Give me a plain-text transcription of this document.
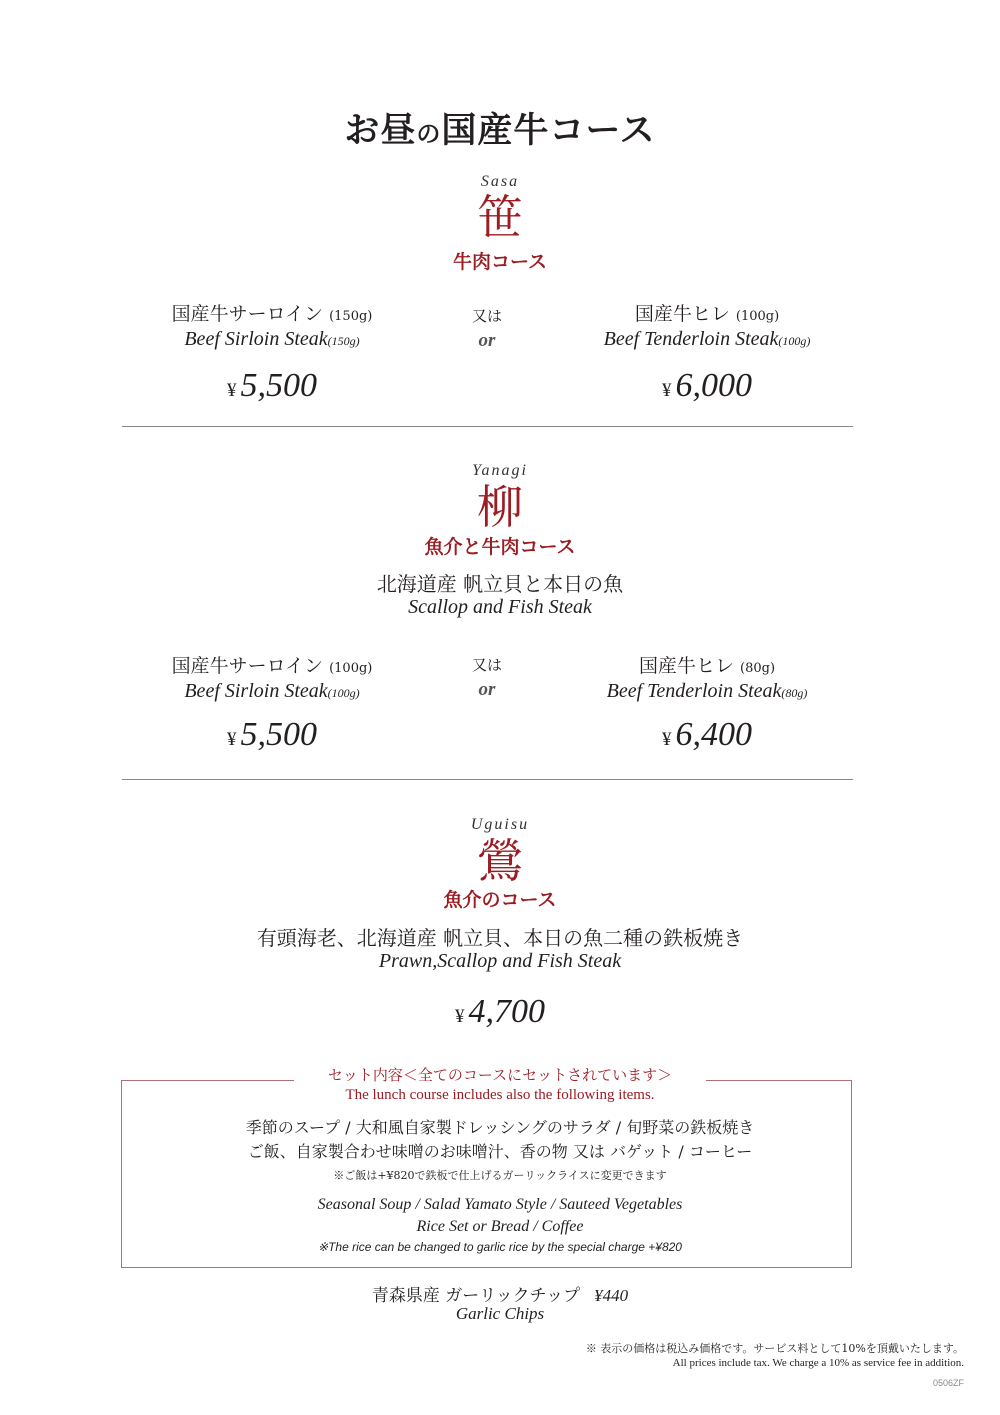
お昼の国産牛コース
Sasa
笹
牛肉コース
国産牛サーロイン (150g)
Beef Sirloin Steak(150g)
又は
or
国産牛ヒレ (100g)
Beef Tenderloin Steak(100g)
¥ 5,500	¥ 6,000
Yanagi
柳
魚介と牛肉コース
北海道産 帆立貝と本日の魚
Scallop and Fish Steak
国産牛サーロイン (100g)
Beef Sirloin Steak(100g)
又は
or
国産牛ヒレ (80g)
Beef Tenderloin Steak(80g)
¥ 5,500	¥ 6,400
Uguisu
鶯
魚介のコース
有頭海老、北海道産 帆立貝、本日の魚二種の鉄板焼き
Prawn,Scallop and Fish Steak
¥ 4,700
セット内容＜全てのコースにセットされています＞
The lunch course includes also the following items.
季節のスープ / 大和風自家製ドレッシングのサラダ / 旬野菜の鉄板焼き
ご飯、自家製合わせ味噌のお味噌汁、香の物 又は バゲット / コーヒー
※ご飯は+¥820で鉄板で仕上げるガーリックライスに変更できます
Seasonal Soup / Salad Yamato Style / Sauteed Vegetables
Rice Set or Bread / Coffee
※The rice can be changed to garlic rice by the special charge +¥820
青森県産 ガーリックチップ ¥440
Garlic Chips
※ 表示の価格は税込み価格です。サービス料として10%を頂戴いたします。
All prices include tax. We charge a 10% as service fee in addition.
0506ZF
